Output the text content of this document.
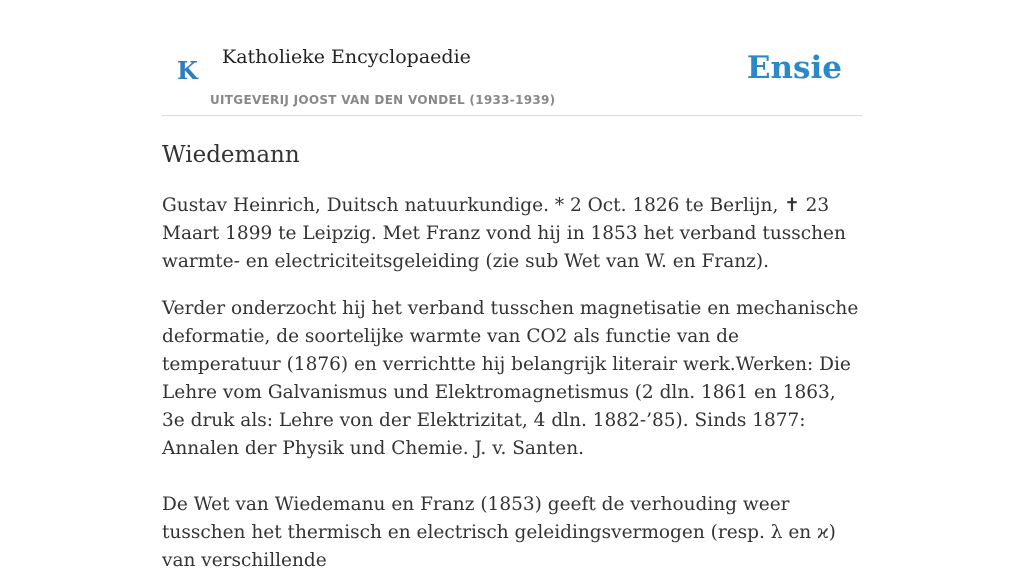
K Katholieke Encyclopaedie
UITGEVERIJ JOOST VAN DEN VONDEL (1933-1939)
Ensie
Wiedemann

Gustav Heinrich, Duitsch natuurkundige. * 2 Oct. 1826 te Berlijn, ✝ 23 Maart 1899 te Leipzig. Met Franz vond hij in 1853 het verband tusschen warmte- en electriciteitsgeleiding (zie sub Wet van W. en Franz).

Verder onderzocht hij het verband tusschen magnetisatie en mechanische deformatie, de soortelijke warmte van CO2 als functie van de temperatuur (1876) en verrichtte hij belangrijk literair werk.Werken: Die Lehre vom Galvanismus und Elektromagnetismus (2 dln. 1861 en 1863, 3e druk als: Lehre von der Elektrizitat, 4 dln. 1882-’85). Sinds 1877: Annalen der Physik und Chemie. J. v. Santen.

De Wet van Wiedemanu en Franz (1853) geeft de verhouding weer tusschen het thermisch en electrisch geleidingsvermogen (resp. λ en ϰ) van verschillende
